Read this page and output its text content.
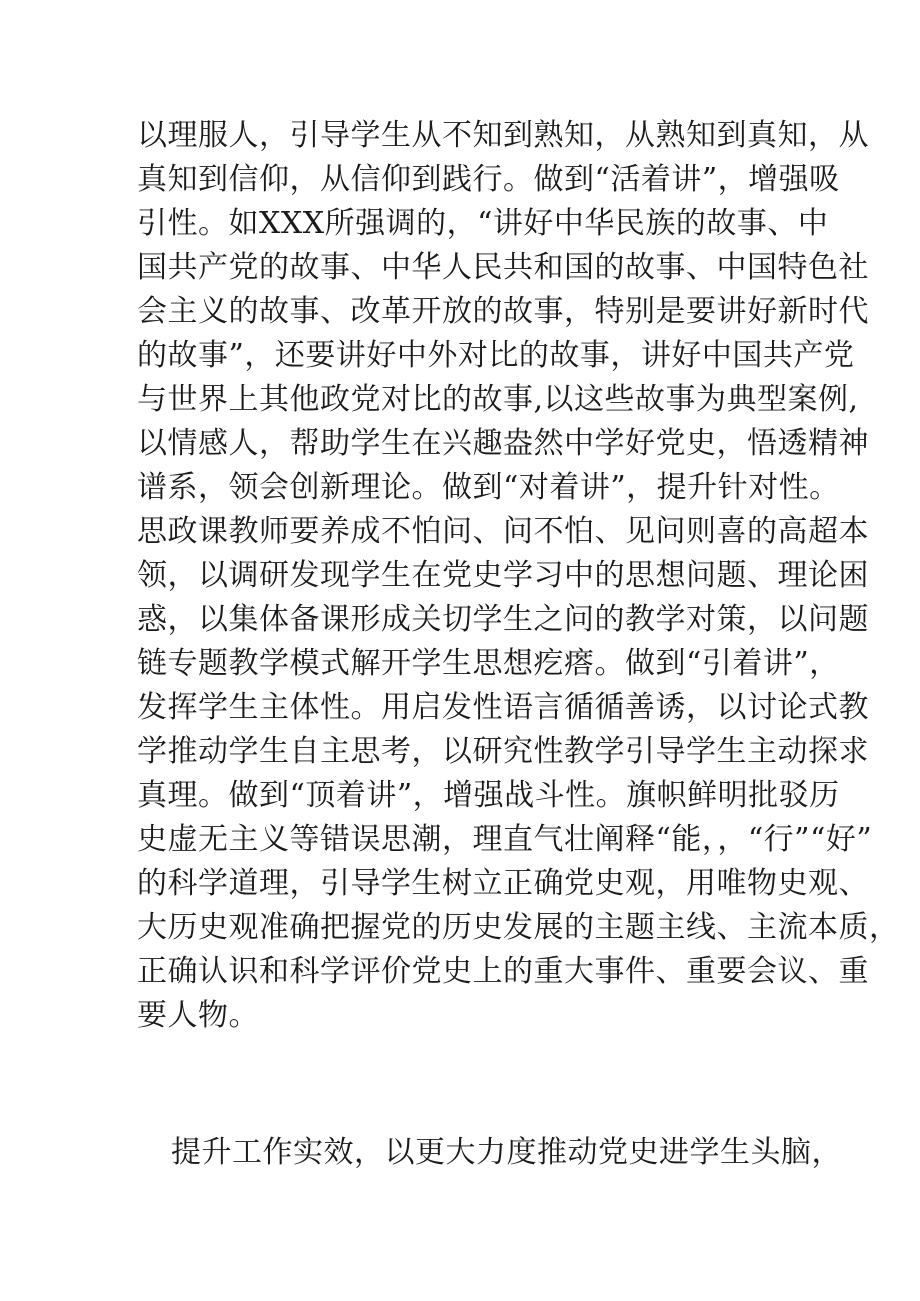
以理服人，引导学生从不知到熟知，从熟知到真知，从
真知到信仰，从信仰到践行。做到“活着讲”，增强吸
引性。如XXX所强调的，“讲好中华民族的故事、中
国共产党的故事、中华人民共和国的故事、中国特色社
会主义的故事、改革开放的故事，特别是要讲好新时代
的故事”，还要讲好中外对比的故事，讲好中国共产党
与世界上其他政党对比的故事,以这些故事为典型案例,
以情感人，帮助学生在兴趣盎然中学好党史，悟透精神
谱系，领会创新理论。做到“对着讲”，提升针对性。
思政课教师要养成不怕问、问不怕、见问则喜的高超本
领，以调研发现学生在党史学习中的思想问题、理论困
惑，以集体备课形成关切学生之问的教学对策，以问题
链专题教学模式解开学生思想疙瘩。做到“引着讲”，
发挥学生主体性。用启发性语言循循善诱，以讨论式教
学推动学生自主思考，以研究性教学引导学生主动探求
真理。做到“顶着讲”，增强战斗性。旗帜鲜明批驳历
史虚无主义等错误思潮，理直气壮阐释“能，，“行”“好”
的科学道理，引导学生树立正确党史观，用唯物史观、
大历史观准确把握党的历史发展的主题主线、主流本质，
正确认识和科学评价党史上的重大事件、重要会议、重
要人物。
提升工作实效，以更大力度推动党史进学生头脑，
